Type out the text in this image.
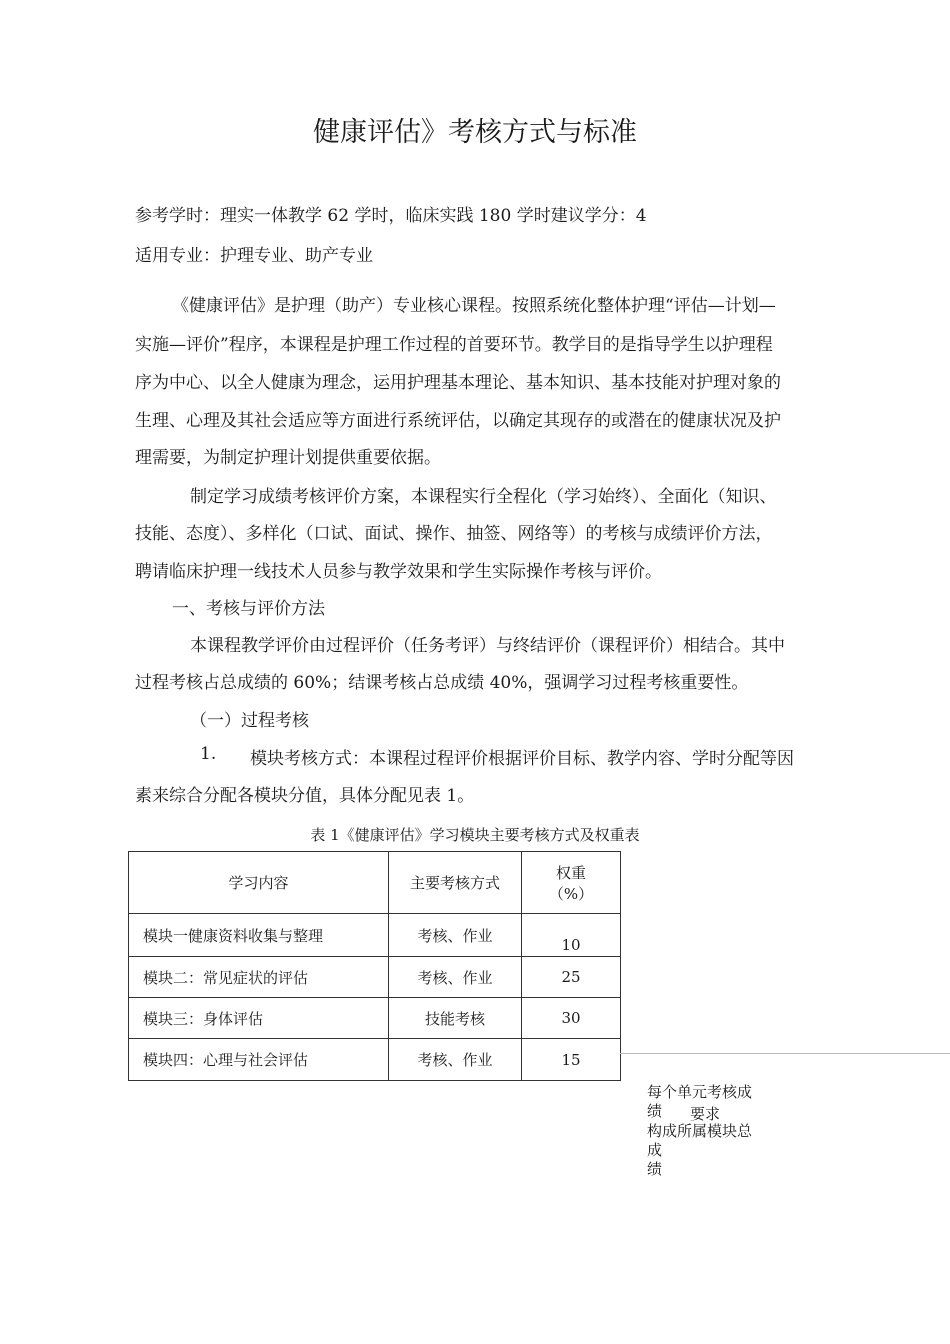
健康评估》考核方式与标准
参考学时：理实一体教学 62 学时，临床实践 180 学时建议学分：4
适用专业：护理专业、助产专业
《健康评估》是护理（助产）专业核心课程。按照系统化整体护理“评估—计划—
实施—评价”程序，本课程是护理工作过程的首要环节。教学目的是指导学生以护理程
序为中心、以全人健康为理念，运用护理基本理论、基本知识、基本技能对护理对象的
生理、心理及其社会适应等方面进行系统评估，以确定其现存的或潜在的健康状况及护
理需要，为制定护理计划提供重要依据。
制定学习成绩考核评价方案，本课程实行全程化（学习始终）、全面化（知识、
技能、态度）、多样化（口试、面试、操作、抽签、网络等）的考核与成绩评价方法，
聘请临床护理一线技术人员参与教学效果和学生实际操作考核与评价。
一、考核与评价方法
本课程教学评价由过程评价（任务考评）与终结评价（课程评价）相结合。其中
过程考核占总成绩的 60%；结课考核占总成绩 40%，强调学习过程考核重要性。
（一）过程考核
1. 模块考核方式：本课程过程评价根据评价目标、教学内容、学时分配等因
素来综合分配各模块分值，具体分配见表 1。
表 1《健康评估》学习模块主要考核方式及权重表
学习内容	主要考核方式	权重
（%）

模块一健康资料收集与整理	考核、作业	10
模块二：常见症状的评估	考核、作业	25
模块三：身体评估	技能考核	30
模块四：心理与社会评估	考核、作业	15
每个单元考核成
绩 要求
构成所属模块总
成
绩
